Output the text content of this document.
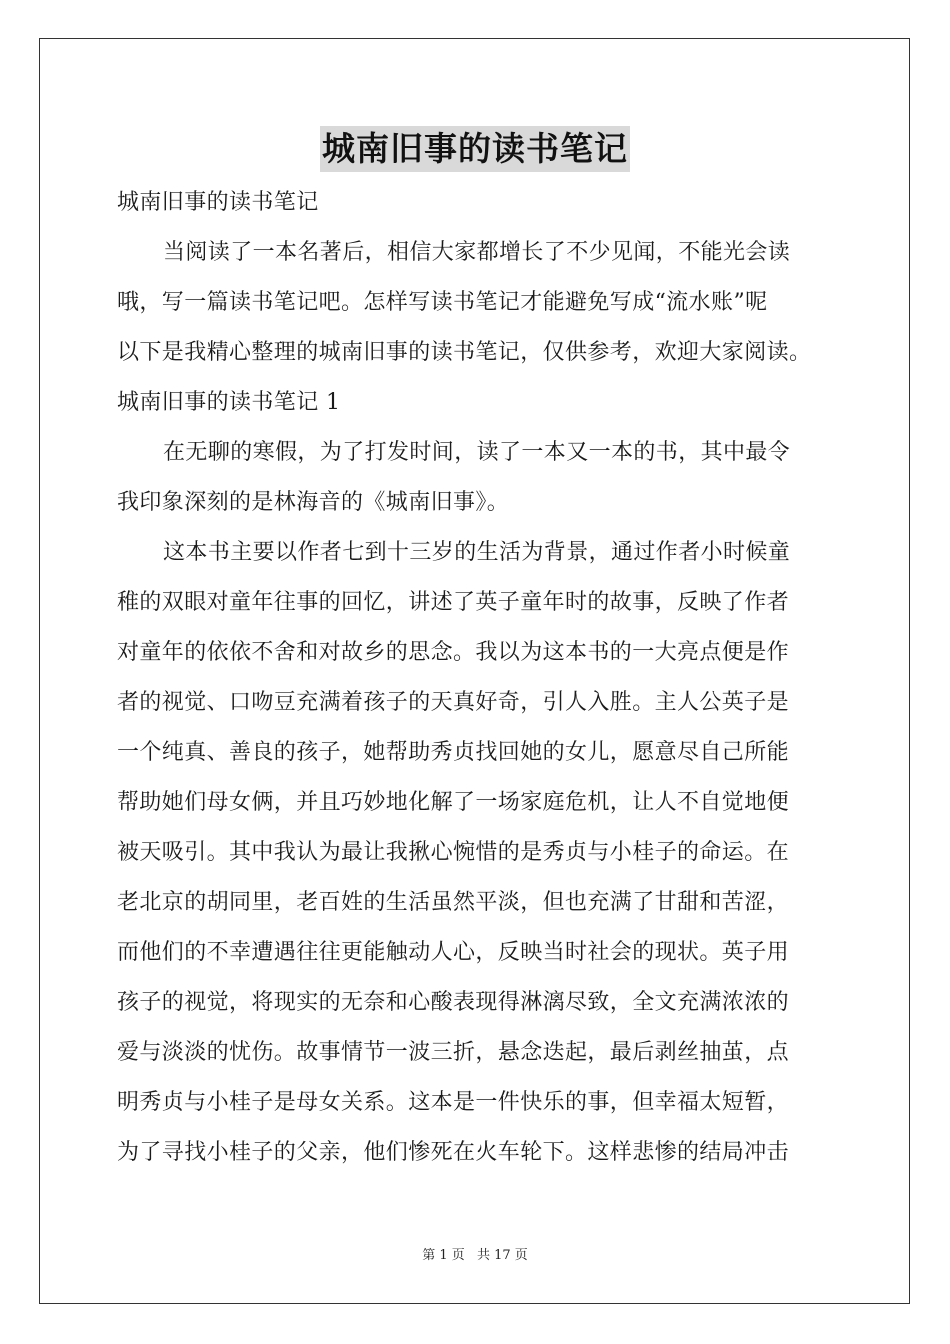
城南旧事的读书笔记
城南旧事的读书笔记
当阅读了一本名著后，相信大家都增长了不少见闻，不能光会读
哦，写一篇读书笔记吧。怎样写读书笔记才能避免写成“流水账”呢
以下是我精心整理的城南旧事的读书笔记，仅供参考，欢迎大家阅读。
城南旧事的读书笔记 1
在无聊的寒假，为了打发时间，读了一本又一本的书，其中最令
我印象深刻的是林海音的《城南旧事》。
这本书主要以作者七到十三岁的生活为背景，通过作者小时候童
稚的双眼对童年往事的回忆，讲述了英子童年时的故事，反映了作者
对童年的依依不舍和对故乡的思念。我以为这本书的一大亮点便是作
者的视觉、口吻豆充满着孩子的天真好奇，引人入胜。主人公英子是
一个纯真、善良的孩子，她帮助秀贞找回她的女儿，愿意尽自己所能
帮助她们母女俩，并且巧妙地化解了一场家庭危机，让人不自觉地便
被天吸引。其中我认为最让我揪心惋惜的是秀贞与小桂子的命运。在
老北京的胡同里，老百姓的生活虽然平淡，但也充满了甘甜和苦涩，
而他们的不幸遭遇往往更能触动人心，反映当时社会的现状。英子用
孩子的视觉，将现实的无奈和心酸表现得淋漓尽致，全文充满浓浓的
爱与淡淡的忧伤。故事情节一波三折，悬念迭起，最后剥丝抽茧，点
明秀贞与小桂子是母女关系。这本是一件快乐的事，但幸福太短暂，
为了寻找小桂子的父亲，他们惨死在火车轮下。这样悲惨的结局冲击
第 1 页 共 17 页
